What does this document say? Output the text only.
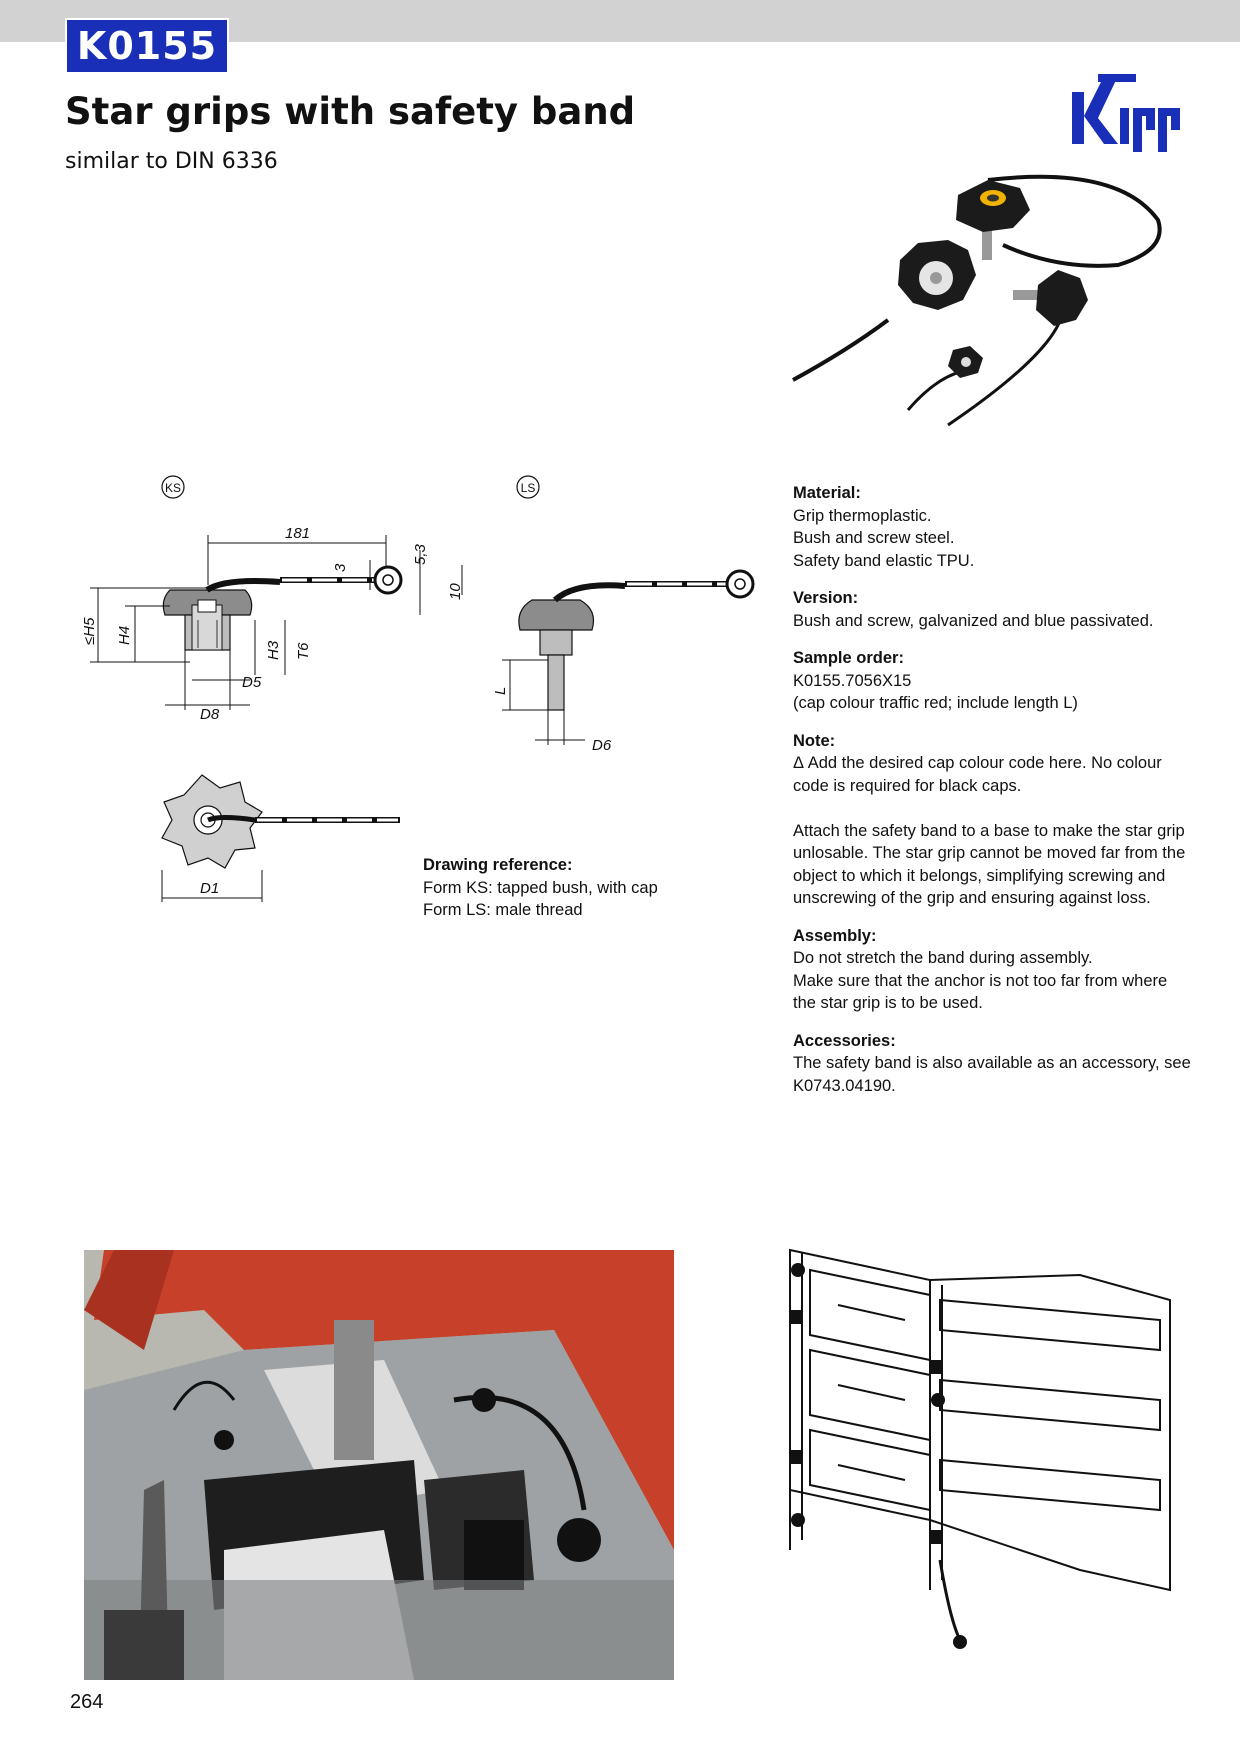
K0155
Star grips with safety band
similar to DIN 6336
KS	LS
181
3
5,3
10
≤H5 H4
H3 T6
D5
D8
L
D6
D1
Drawing reference:
Form KS: tapped bush, with cap
Form LS: male thread
Material:
Grip thermoplastic.
Bush and screw steel.
Safety band elastic TPU.
Version:
Bush and screw, galvanized and blue passivated.
Sample order:
K0155.7056X15
(cap colour traffic red; include length L)
Note:
Δ Add the desired cap colour code here. No colour
code is required for black caps.
Attach the safety band to a base to make the star grip
unlosable. The star grip cannot be moved far from the
object to which it belongs, simplifying screwing and
unscrewing of the grip and ensuring against loss.
Assembly:
Do not stretch the band during assembly.
Make sure that the anchor is not too far from where
the star grip is to be used.
Accessories:
The safety band is also available as an accessory, see
K0743.04190.
264
